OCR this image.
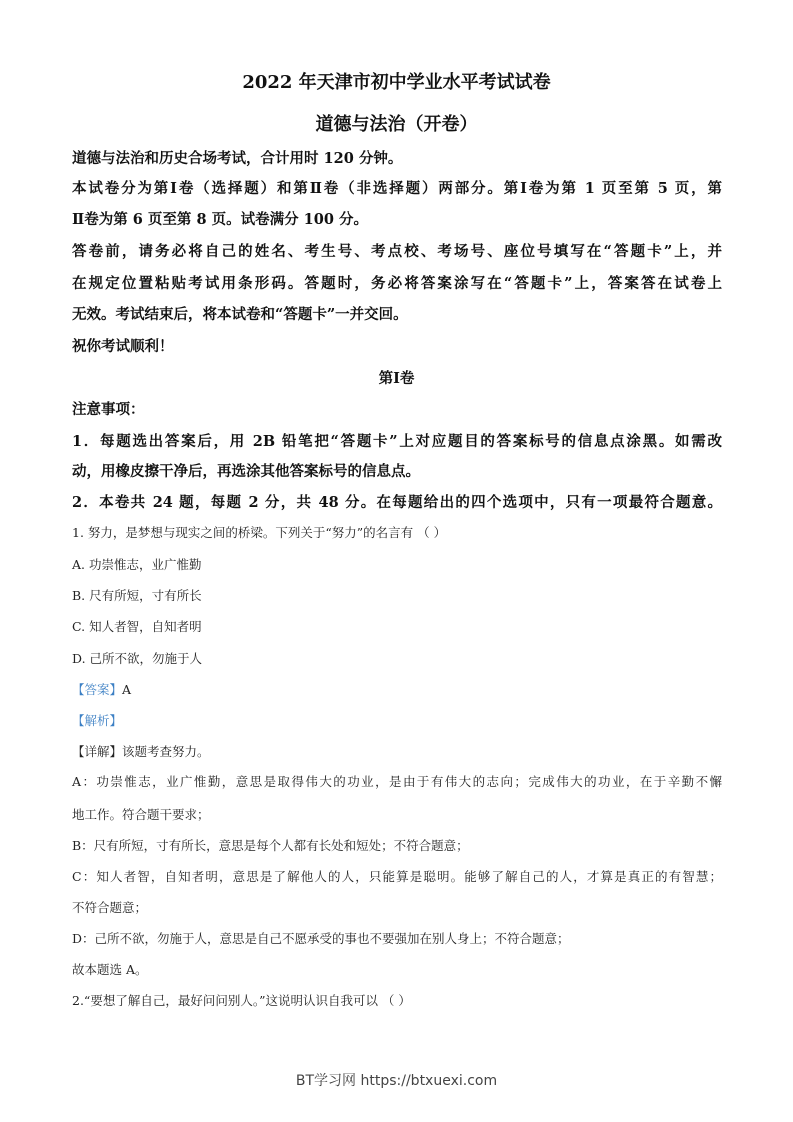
2022 年天津市初中学业水平考试试卷
道德与法治（开卷）
道德与法治和历史合场考试，合计用时 120 分钟。
本试卷分为第Ⅰ卷（选择题）和第Ⅱ卷（非选择题）两部分。第Ⅰ卷为第 1 页至第 5 页，第
Ⅱ卷为第 6 页至第 8 页。试卷满分 100 分。
答卷前，请务必将自己的姓名、考生号、考点校、考场号、座位号填写在“答题卡”上，并
在规定位置粘贴考试用条形码。答题时，务必将答案涂写在“答题卡”上，答案答在试卷上
无效。考试结束后，将本试卷和“答题卡”一并交回。
祝你考试顺利！
第Ⅰ卷
注意事项：
1．每题选出答案后，用 2B 铅笔把“答题卡”上对应题目的答案标号的信息点涂黑。如需改
动，用橡皮擦干净后，再选涂其他答案标号的信息点。
2．本卷共 24 题，每题 2 分，共 48 分。在每题给出的四个选项中，只有一项最符合题意。
1. 努力，是梦想与现实之间的桥梁。下列关于“努力”的名言有 （ ）
A. 功崇惟志，业广惟勤
B. 尺有所短，寸有所长
C. 知人者智，自知者明
D. 己所不欲，勿施于人
【答案】A
【解析】
【详解】该题考查努力。
A：功崇惟志，业广惟勤，意思是取得伟大的功业，是由于有伟大的志向；完成伟大的功业，在于辛勤不懈
地工作。符合题干要求；
B：尺有所短，寸有所长，意思是每个人都有长处和短处；不符合题意；
C：知人者智，自知者明，意思是了解他人的人，只能算是聪明。能够了解自己的人，才算是真正的有智慧；
不符合题意；
D：己所不欲，勿施于人，意思是自己不愿承受的事也不要强加在别人身上；不符合题意；
故本题选 A。
2.“要想了解自己，最好问问别人。”这说明认识自我可以 （ ）
BT学习网 https://btxuexi.com
